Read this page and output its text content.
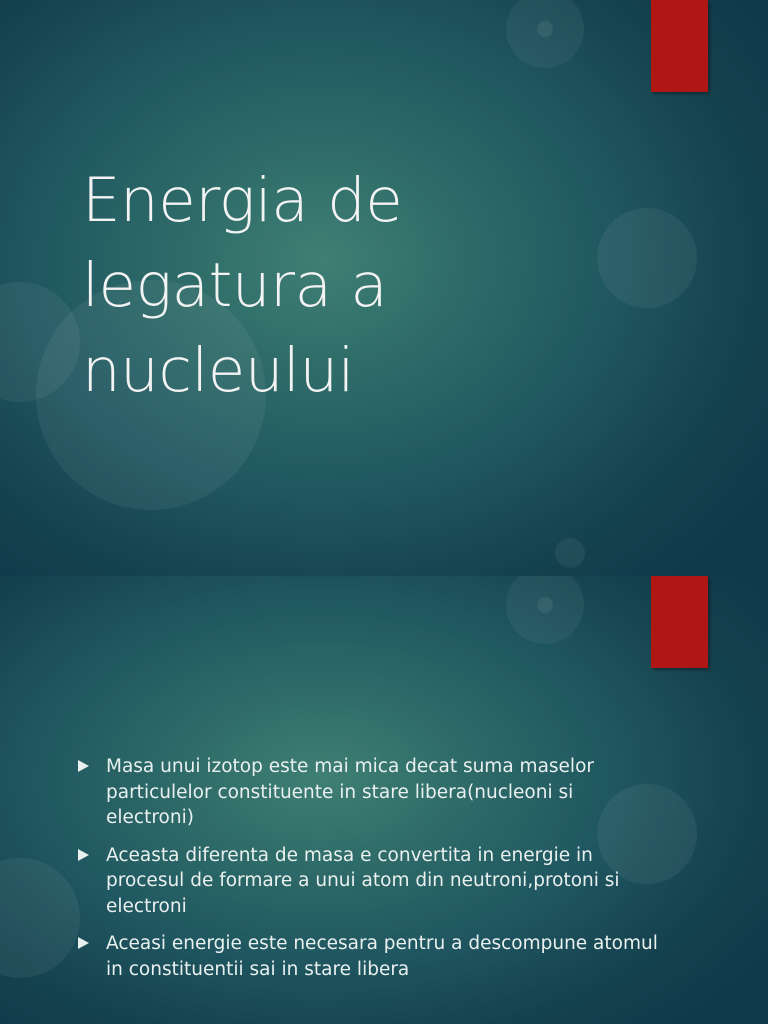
Energia de
legatura a
nucleului
Masa unui izotop este mai mica decat suma maselor particulelor constituente in stare libera(nucleoni si electroni)
Aceasta diferenta de masa e convertita in energie in procesul de formare a unui atom din neutroni,protoni si electroni
Aceasi energie este necesara pentru a descompune atomul in constituentii sai in stare libera
